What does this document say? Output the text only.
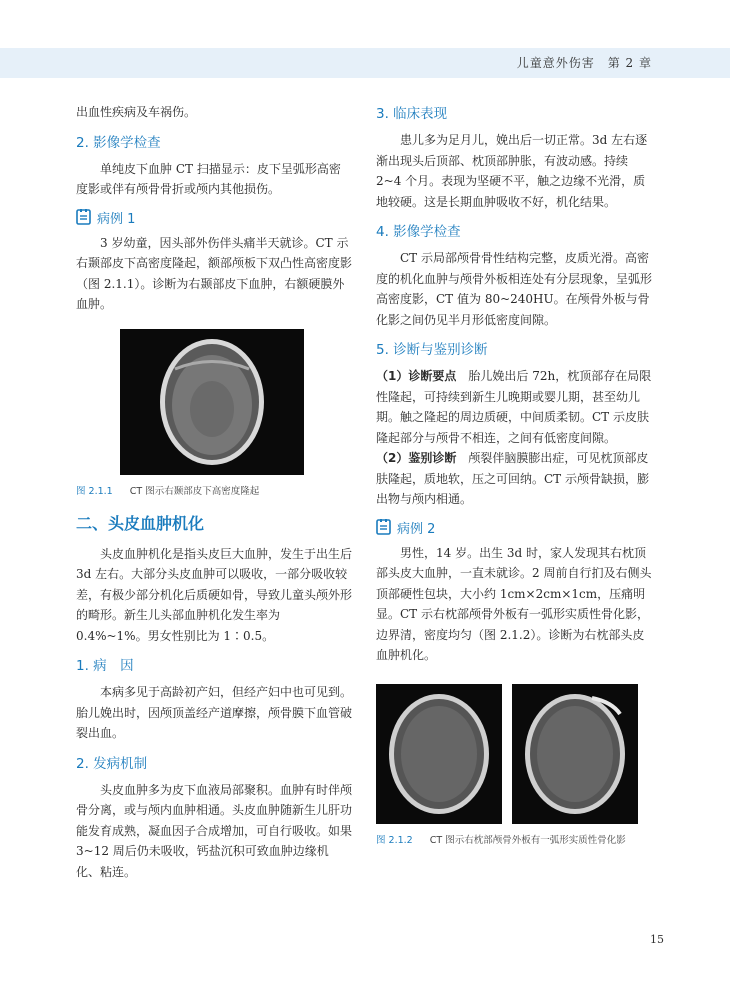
儿童意外伤害　第 2 章

出血性疾病及车祸伤。

2. 影像学检查

单纯皮下血肿 CT 扫描显示：皮下呈弧形高密度影或伴有颅骨骨折或颅内其他损伤。

病例 1

3 岁幼童，因头部外伤伴头痛半天就诊。CT 示右颞部皮下高密度隆起，额部颅板下双凸性高密度影（图 2.1.1）。诊断为右颞部皮下血肿，右额硬膜外血肿。

图 2.1.1 CT 图示右颞部皮下高密度隆起
二、头皮血肿机化

头皮血肿机化是指头皮巨大血肿，发生于出生后 3d 左右。大部分头皮血肿可以吸收，一部分吸收较差，有极少部分机化后质硬如骨，导致儿童头颅外形的畸形。新生儿头部血肿机化发生率为 0.4%~1%。男女性别比为 1∶0.5。

1. 病　因

本病多见于高龄初产妇，但经产妇中也可见到。胎儿娩出时，因颅顶盖经产道摩擦，颅骨膜下血管破裂出血。

2. 发病机制

头皮血肿多为皮下血液局部聚积。血肿有时伴颅骨分离，或与颅内血肿相通。头皮血肿随新生儿肝功能发育成熟，凝血因子合成增加，可自行吸收。如果 3~12 周后仍未吸收，钙盐沉积可致血肿边缘机化、粘连。

3. 临床表现

患儿多为足月儿，娩出后一切正常。3d 左右逐渐出现头后顶部、枕顶部肿胀，有波动感。持续 2~4 个月。表现为坚硬不平，触之边缘不光滑，质地较硬。这是长期血肿吸收不好，机化结果。

4. 影像学检查

CT 示局部颅骨骨性结构完整，皮质光滑。高密度的机化血肿与颅骨外板相连处有分层现象，呈弧形高密度影，CT 值为 80~240HU。在颅骨外板与骨化影之间仍见半月形低密度间隙。

5. 诊断与鉴别诊断

（1）诊断要点　 胎儿娩出后 72h，枕顶部存在局限性隆起，可持续到新生儿晚期或婴儿期，甚至幼儿期。触之隆起的周边质硬，中间质柔韧。CT 示皮肤隆起部分与颅骨不相连，之间有低密度间隙。

（2）鉴别诊断　 颅裂伴脑膜膨出症，可见枕顶部皮肤隆起，质地软，压之可回纳。CT 示颅骨缺损，膨出物与颅内相通。

病例 2

男性，14 岁。出生 3d 时，家人发现其右枕顶部头皮大血肿，一直未就诊。2 周前自行扪及右侧头顶部硬性包块，大小约 1cm×2cm×1cm，压痛明显。CT 示右枕部颅骨外板有一弧形实质性骨化影，边界清，密度均匀（图 2.1.2）。诊断为右枕部头皮血肿机化。

图 2.1.2 CT 图示右枕部颅骨外板有一弧形实质性骨化影
15
